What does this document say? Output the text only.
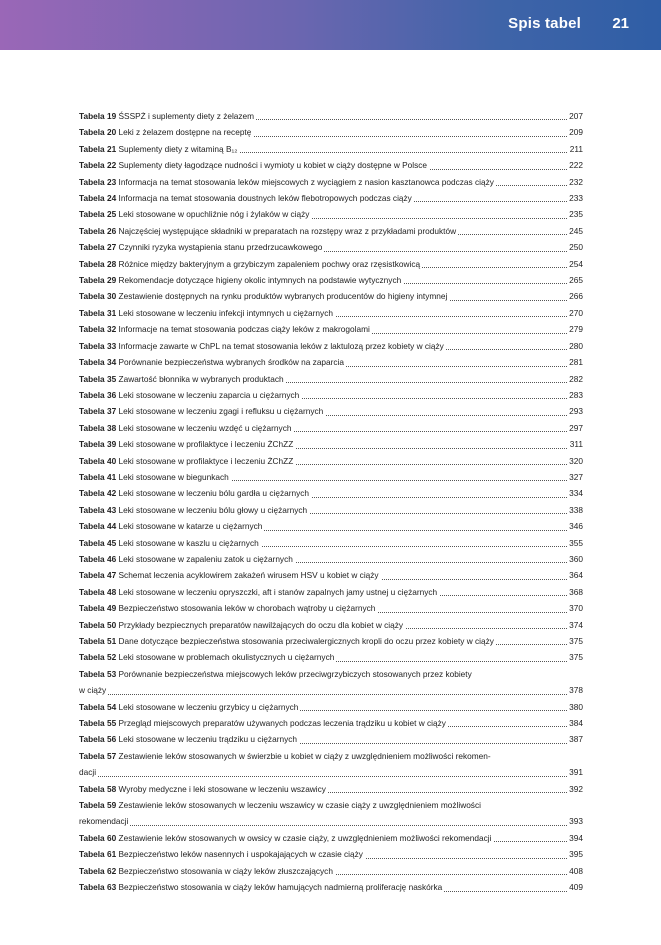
Spis tabel 21
Tabela 19 ŚSSPŻ i suplementy diety z żelazem	207
Tabela 20 Leki z żelazem dostępne na receptę	209
Tabela 21 Suplementy diety z witaminą B₁₂	211
Tabela 22 Suplementy diety łagodzące nudności i wymioty u kobiet w ciąży dostępne w Polsce	222
Tabela 23 Informacja na temat stosowania leków miejscowych z wyciągiem z nasion kasztanowca podczas ciąży	232
Tabela 24 Informacja na temat stosowania doustnych leków flebotropowych podczas ciąży	233
Tabela 25 Leki stosowane w opuchliźnie nóg i żylaków w ciąży	235
Tabela 26 Najczęściej występujące składniki w preparatach na rozstępy wraz z przykładami produktów	245
Tabela 27 Czynniki ryzyka wystąpienia stanu przedrzucawkowego	250
Tabela 28 Różnice między bakteryjnym a grzybiczym zapaleniem pochwy oraz rzęsistkowicą	254
Tabela 29 Rekomendacje dotyczące higieny okolic intymnych na podstawie wytycznych	265
Tabela 30 Zestawienie dostępnych na rynku produktów wybranych producentów do higieny intymnej	266
Tabela 31 Leki stosowane w leczeniu infekcji intymnych u ciężarnych	270
Tabela 32 Informacje na temat stosowania podczas ciąży leków z makrogolami	279
Tabela 33 Informacje zawarte w ChPL na temat stosowania leków z laktulozą przez kobiety w ciąży	280
Tabela 34 Porównanie bezpieczeństwa wybranych środków na zaparcia	281
Tabela 35 Zawartość błonnika w wybranych produktach	282
Tabela 36 Leki stosowane w leczeniu zaparcia u ciężarnych	283
Tabela 37 Leki stosowane w leczeniu zgagi i refluksu u ciężarnych	293
Tabela 38 Leki stosowane w leczeniu wzdęć u ciężarnych	297
Tabela 39 Leki stosowane w profilaktyce i leczeniu ŻChZZ	311
Tabela 40 Leki stosowane w profilaktyce i leczeniu ŻChZZ	320
Tabela 41 Leki stosowane w biegunkach	327
Tabela 42 Leki stosowane w leczeniu bólu gardła u ciężarnych	334
Tabela 43 Leki stosowane w leczeniu bólu głowy u ciężarnych	338
Tabela 44 Leki stosowane w katarze u ciężarnych	346
Tabela 45 Leki stosowane w kaszlu u ciężarnych	355
Tabela 46 Leki stosowane w zapaleniu zatok u ciężarnych	360
Tabela 47 Schemat leczenia acyklowirem zakażeń wirusem HSV u kobiet w ciąży	364
Tabela 48 Leki stosowane w leczeniu opryszczki, aft i stanów zapalnych jamy ustnej u ciężarnych	368
Tabela 49 Bezpieczeństwo stosowania leków w chorobach wątroby u ciężarnych	370
Tabela 50 Przykłady bezpiecznych preparatów nawilżających do oczu dla kobiet w ciąży	374
Tabela 51 Dane dotyczące bezpieczeństwa stosowania przeciwalergicznych kropli do oczu przez kobiety w ciąży	375
Tabela 52 Leki stosowane w problemach okulistycznych u ciężarnych	375
Tabela 53 Porównanie bezpieczeństwa miejscowych leków przeciwgrzybiczych stosowanych przez kobiety
w ciąży	378
Tabela 54 Leki stosowane w leczeniu grzybicy u ciężarnych	380
Tabela 55 Przegląd miejscowych preparatów używanych podczas leczenia trądziku u kobiet w ciąży	384
Tabela 56 Leki stosowane w leczeniu trądziku u ciężarnych	387
Tabela 57 Zestawienie leków stosowanych w świerzbie u kobiet w ciąży z uwzględnieniem możliwości rekomen-
dacji	391
Tabela 58 Wyroby medyczne i leki stosowane w leczeniu wszawicy	392
Tabela 59 Zestawienie leków stosowanych w leczeniu wszawicy w czasie ciąży z uwzględnieniem możliwości
rekomendacji	393
Tabela 60 Zestawienie leków stosowanych w owsicy w czasie ciąży, z uwzględnieniem możliwości rekomendacji	394
Tabela 61 Bezpieczeństwo leków nasennych i uspokajających w czasie ciąży	395
Tabela 62 Bezpieczeństwo stosowania w ciąży leków złuszczających	408
Tabela 63 Bezpieczeństwo stosowania w ciąży leków hamujących nadmierną proliferację naskórka	409
